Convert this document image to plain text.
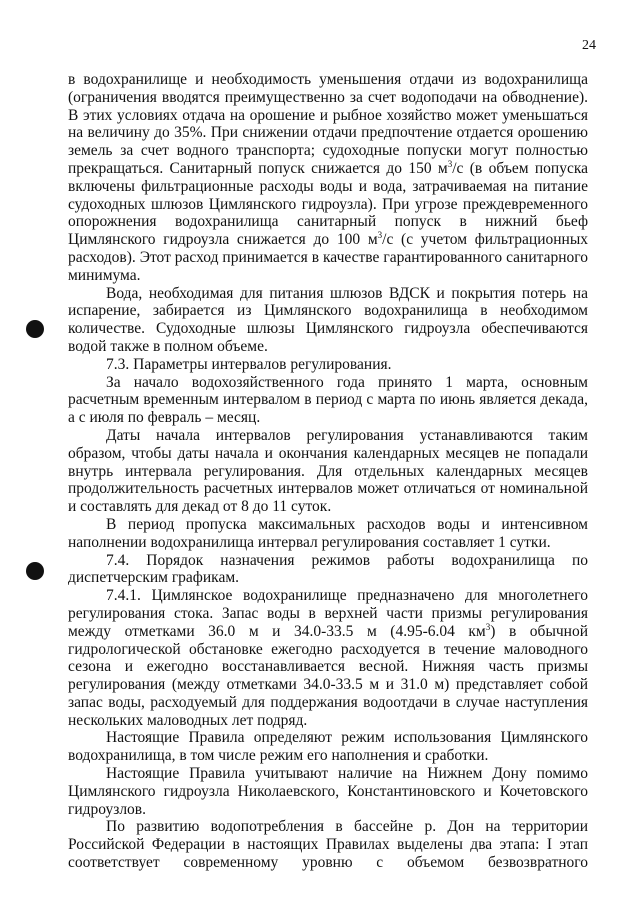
24

в водохранилище и необходимость уменьшения отдачи из водохранилища (ограничения вводятся преимущественно за счет водоподачи на обводнение). В этих условиях отдача на орошение и рыбное хозяйство может уменьшаться на величину до 35%. При снижении отдачи предпочтение отдается орошению земель за счет водного транспорта; судоходные попуски могут полностью прекращаться. Санитарный попуск снижается до 150 $м^3/с$ (в объем попуска включены фильтрационные расходы воды и вода, затрачиваемая на питание судоходных шлюзов Цимлянского гидроузла). При угрозе преждевременного опорожнения водохранилища санитарный попуск в нижний бьеф Цимлянского гидроузла снижается до 100 $м^3/с$ (с учетом фильтрационных расходов). Этот расход принимается в качестве гарантированного санитарного минимума.

Вода, необходимая для питания шлюзов ВДСК и покрытия потерь на испарение, забирается из Цимлянского водохранилища в необходимом количестве. Судоходные шлюзы Цимлянского гидроузла обеспечиваются водой также в полном объеме.

7.3. Параметры интервалов регулирования.

За начало водохозяйственного года принято 1 марта, основным расчетным временным интервалом в период с марта по июнь является декада, а с июля по февраль – месяц.

Даты начала интервалов регулирования устанавливаются таким образом, чтобы даты начала и окончания календарных месяцев не попадали внутрь интервала регулирования. Для отдельных календарных месяцев продолжительность расчетных интервалов может отличаться от номинальной и составлять для декад от 8 до 11 суток.

В период пропуска максимальных расходов воды и интенсивном наполнении водохранилища интервал регулирования составляет 1 сутки.

7.4. Порядок назначения режимов работы водохранилища по диспетчерским графикам.

7.4.1. Цимлянское водохранилище предназначено для многолетнего регулирования стока. Запас воды в верхней части призмы регулирования между отметками 36.0 м и 34.0-33.5 м (4.95-6.04 $км^3$) в обычной гидрологической обстановке ежегодно расходуется в течение маловодного сезона и ежегодно восстанавливается весной. Нижняя часть призмы регулирования (между отметками 34.0-33.5 м и 31.0 м) представляет собой запас воды, расходуемый для поддержания водоотдачи в случае наступления нескольких маловодных лет подряд.

Настоящие Правила определяют режим использования Цимлянского водохранилища, в том числе режим его наполнения и сработки.

Настоящие Правила учитывают наличие на Нижнем Дону помимо Цимлянского гидроузла Николаевского, Константиновского и Кочетовского гидроузлов.

По развитию водопотребления в бассейне р. Дон на территории Российской Федерации в настоящих Правилах выделены два этапа: I этап соответствует современному уровню с объемом безвозвратного
